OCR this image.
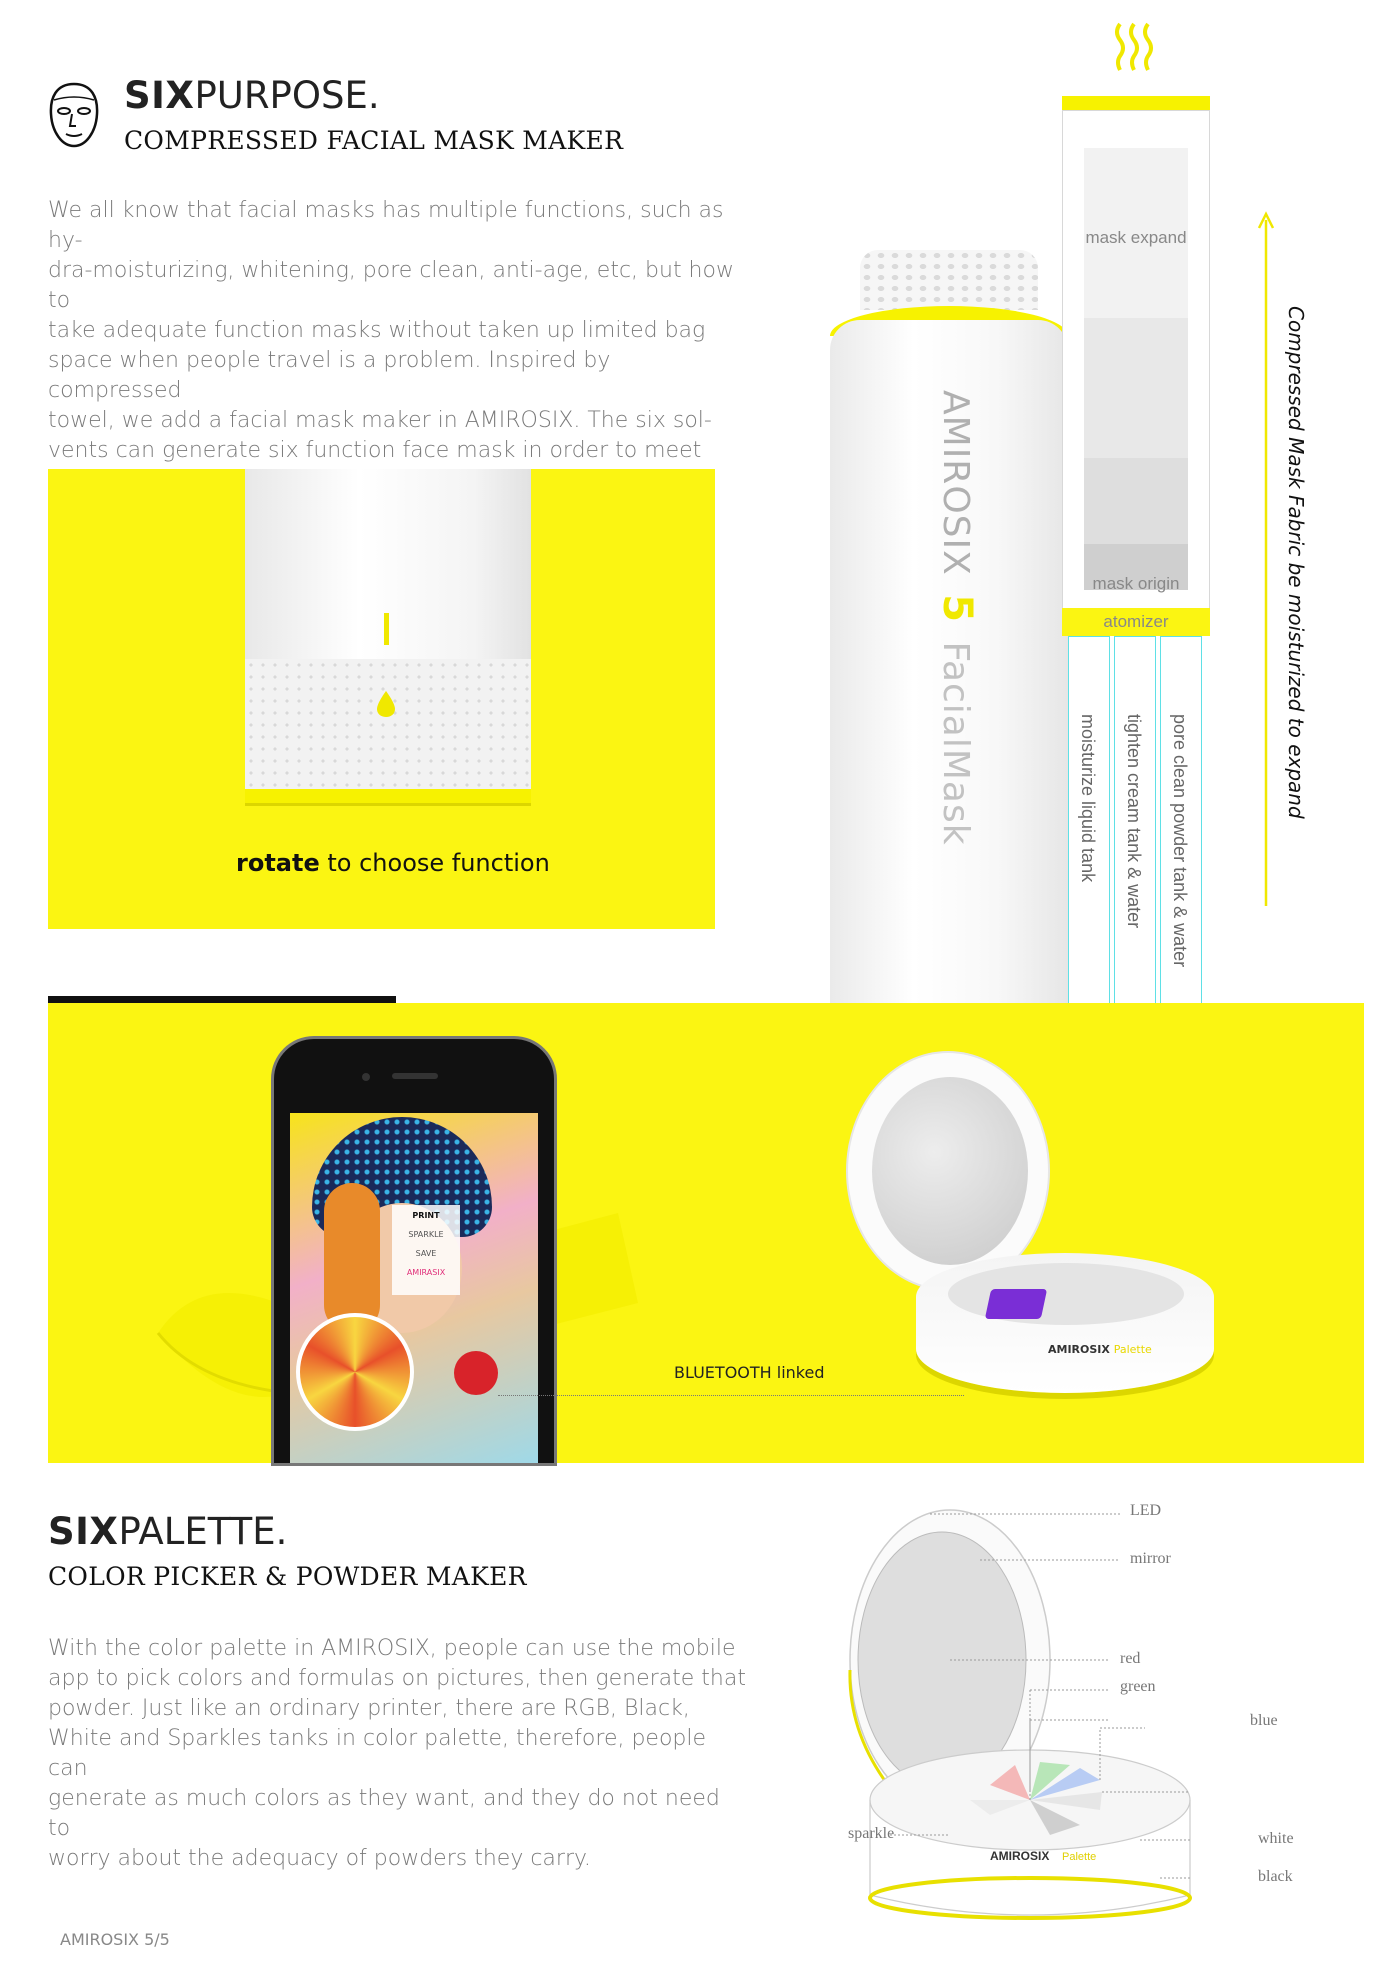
SIXPURPOSE.
COMPRESSED FACIAL MASK MAKER
We all know that facial masks has multiple functions, such as hy-
dra-moisturizing, whitening, pore clean, anti-age, etc, but how to
take adequate function masks without taken up limited bag
space when people travel is a problem. Inspired by compressed
towel, we add a facial mask maker in AMIROSIX. The six sol-
vents can generate six function face mask in order to meet
rotate to choose function
AMIROSIX 5 FacialMask
mask expand
mask origin
atomizer
moisturize liquid tank tighten cream tank & water pore clean powder tank & water
Compressed Mask Fabric be moisturized to expand
PRINT
SPARKLE
SAVE
AMIRASIX
BLUETOOTH linked
AMIROSIX Palette
SIXPALETTE.
COLOR PICKER & POWDER MAKER
With the color palette in AMIROSIX, people can use the mobile
app to pick colors and formulas on pictures, then generate that
powder. Just like an ordinary printer, there are RGB, Black,
White and Sparkles tanks in color palette, therefore, people can
generate as much colors as they want, and they do not need to
worry about the adequacy of powders they carry.	AMIROSIX Palette
LED
mirror
red
green
blue
white
black
sparkle
AMIROSIX 5/5
